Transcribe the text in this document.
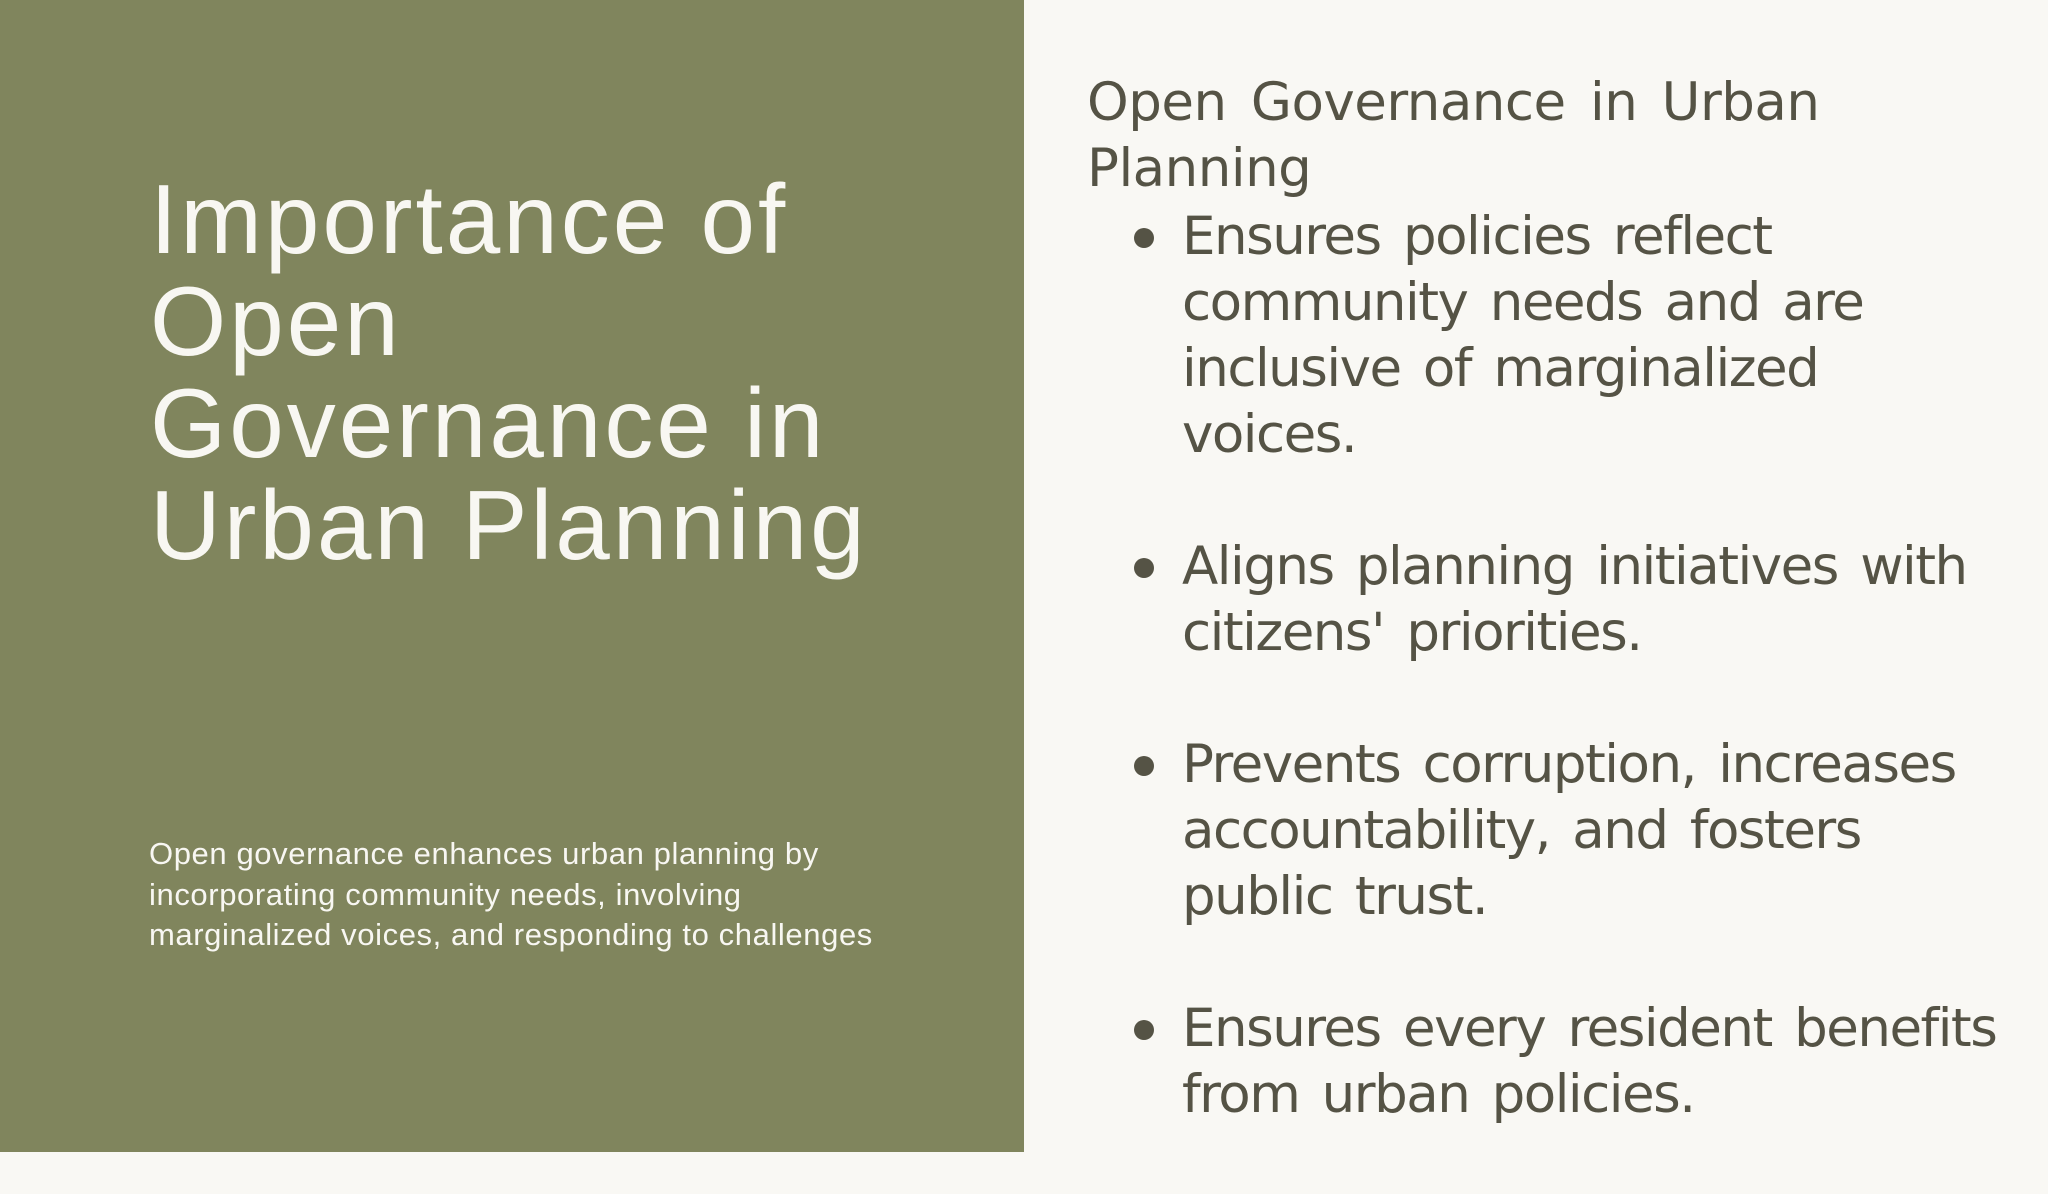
Importance of Open Governance in Urban Planning

Open governance enhances urban planning by incorporating community needs, involving marginalized voices, and responding to challenges

Open Governance in Urban Planning
Ensures policies reflect community needs and are inclusive of marginalized voices.
Aligns planning initiatives with citizens' priorities.
Prevents corruption, increases accountability, and fosters public trust.
Ensures every resident benefits from urban policies.
